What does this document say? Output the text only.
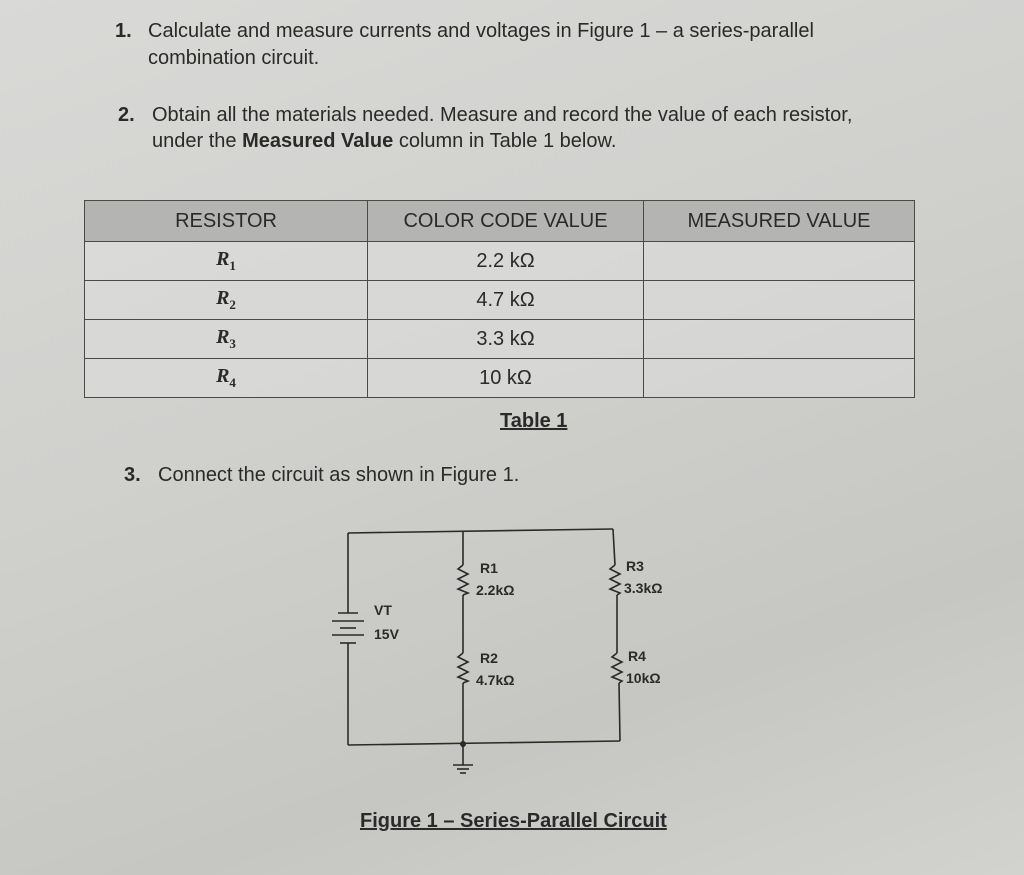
1. Calculate and measure currents and voltages in Figure 1 – a series-parallel
combination circuit.
2. Obtain all the materials needed. Measure and record the value of each resistor,
under the Measured Value column in Table 1 below.
RESISTOR	COLOR CODE VALUE	MEASURED VALUE
$R_1$	2.2 kΩ	
$R_2$	4.7 kΩ	
$R_3$	3.3 kΩ	
$R_4$	10 kΩ	
Table 1
3. Connect the circuit as shown in Figure 1.
VT
15V
R1
2.2kΩ
R2
4.7kΩ
R3
3.3kΩ
R4
10kΩ
Figure 1 – Series-Parallel Circuit
